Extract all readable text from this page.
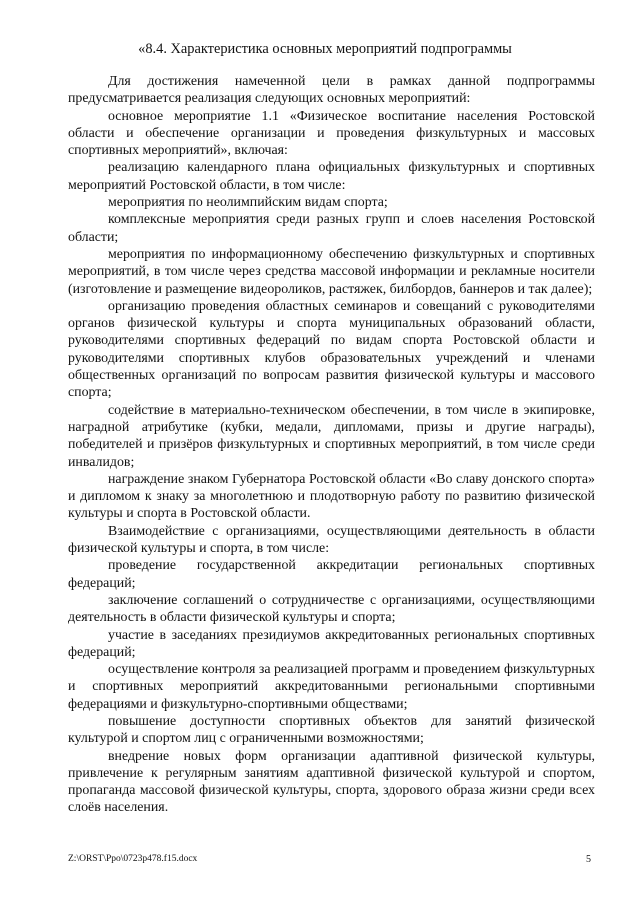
«8.4. Характеристика основных мероприятий подпрограммы

Для достижения намеченной цели в рамках данной подпрограммы предусматривается реализация следующих основных мероприятий:

основное мероприятие 1.1 «Физическое воспитание населения Ростовской области и обеспечение организации и проведения физкультурных и массовых спортивных мероприятий», включая:

реализацию календарного плана официальных физкультурных и спортивных мероприятий Ростовской области, в том числе:

мероприятия по неолимпийским видам спорта;

комплексные мероприятия среди разных групп и слоев населения Ростовской области;

мероприятия по информационному обеспечению физкультурных и спортивных мероприятий, в том числе через средства массовой информации и рекламные носители (изготовление и размещение видеороликов, растяжек, билбордов, баннеров и так далее);

организацию проведения областных семинаров и совещаний с руководителями органов физической культуры и спорта муниципальных образований области, руководителями спортивных федераций по видам спорта Ростовской области и руководителями спортивных клубов образовательных учреждений и членами общественных организаций по вопросам развития физической культуры и массового спорта;

содействие в материально-техническом обеспечении, в том числе в экипировке, наградной атрибутике (кубки, медали, дипломами, призы и другие награды), победителей и призёров физкультурных и спортивных мероприятий, в том числе среди инвалидов;

награждение знаком Губернатора Ростовской области «Во славу донского спорта» и дипломом к знаку за многолетнюю и плодотворную работу по развитию физической культуры и спорта в Ростовской области.

Взаимодействие с организациями, осуществляющими деятельность в области физической культуры и спорта, в том числе:

проведение государственной аккредитации региональных спортивных федераций;

заключение соглашений о сотрудничестве с организациями, осуществляющими деятельность в области физической культуры и спорта;

участие в заседаниях президиумов аккредитованных региональных спортивных федераций;

осуществление контроля за реализацией программ и проведением физкультурных и спортивных мероприятий аккредитованными региональными спортивными федерациями и физкультурно-спортивными обществами;

повышение доступности спортивных объектов для занятий физической культурой и спортом лиц с ограниченными возможностями;

внедрение новых форм организации адаптивной физической культуры, привлечение к регулярным занятиям адаптивной физической культурой и спортом, пропаганда массовой физической культуры, спорта, здорового образа жизни среди всех слоёв населения.

Z:\ORST\Ppo\0723p478.f15.docx	5
